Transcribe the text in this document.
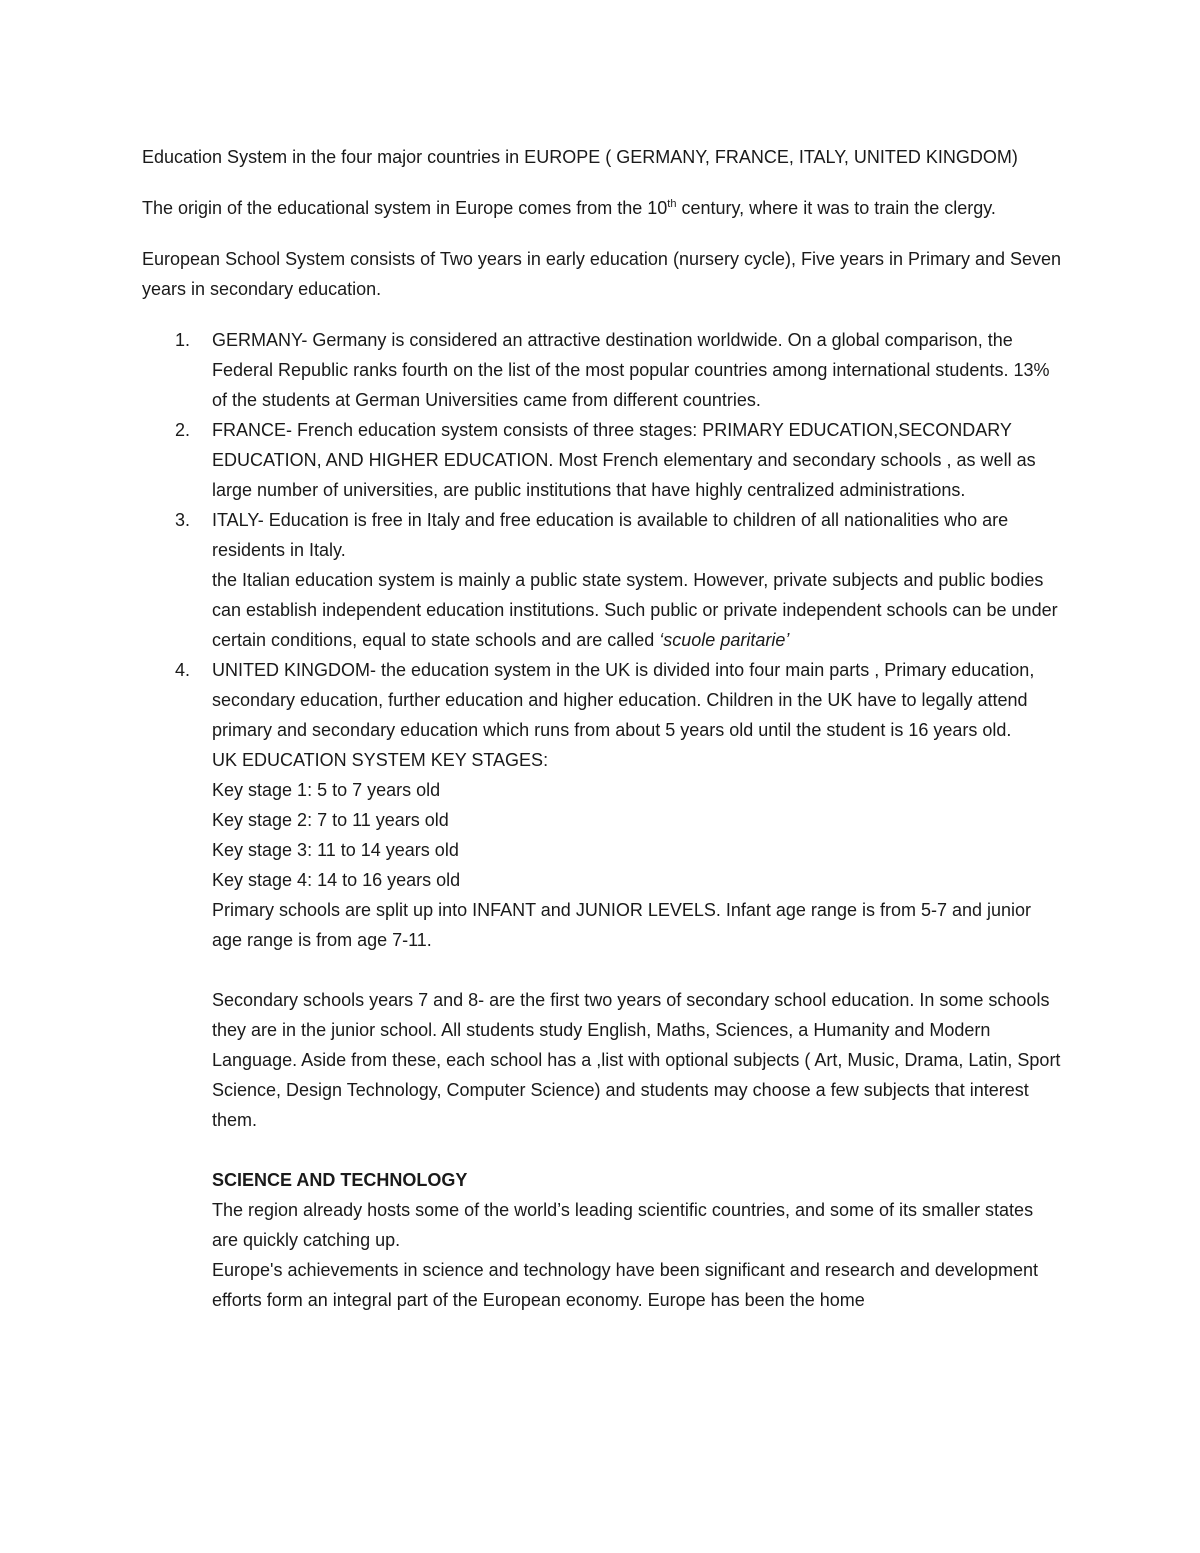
Education System in the four major countries in EUROPE ( GERMANY, FRANCE, ITALY, UNITED KINGDOM)

The origin of the educational system in Europe comes from the 10th century, where it was to train the clergy.

European School System consists of Two years in early education (nursery cycle), Five years in Primary and Seven years in secondary education.

1. GERMANY- Germany is considered an attractive destination worldwide. On a global comparison, the Federal Republic ranks fourth on the list of the most popular countries among international students. 13% of the students at German Universities came from different countries.
2. FRANCE- French education system consists of three stages: PRIMARY EDUCATION,SECONDARY EDUCATION, AND HIGHER EDUCATION. Most French elementary and secondary schools , as well as large number of universities, are public institutions that have highly centralized administrations.
3. ITALY- Education is free in Italy and free education is available to children of all nationalities who are residents in Italy.
the Italian education system is mainly a public state system. However, private subjects and public bodies can establish independent education institutions. Such public or private independent schools can be under certain conditions, equal to state schools and are called ‘scuole paritarie’
4. UNITED KINGDOM- the education system in the UK is divided into four main parts , Primary education, secondary education, further education and higher education. Children in the UK have to legally attend primary and secondary education which runs from about 5 years old until the student is 16 years old.
UK EDUCATION SYSTEM KEY STAGES:
Key stage 1: 5 to 7 years old
Key stage 2: 7 to 11 years old
Key stage 3: 11 to 14 years old
Key stage 4: 14 to 16 years old
Primary schools are split up into INFANT and JUNIOR LEVELS. Infant age range is from 5-7 and junior age range is from age 7-11.
Secondary schools years 7 and 8- are the first two years of secondary school education. In some schools they are in the junior school. All students study English, Maths, Sciences, a Humanity and Modern Language. Aside from these, each school has a ,list with optional subjects ( Art, Music, Drama, Latin, Sport Science, Design Technology, Computer Science) and students may choose a few subjects that interest them.
SCIENCE AND TECHNOLOGY
The region already hosts some of the world’s leading scientific countries, and some of its smaller states are quickly catching up.
Europe's achievements in science and technology have been significant and research and development efforts form an integral part of the European economy. Europe has been the home
